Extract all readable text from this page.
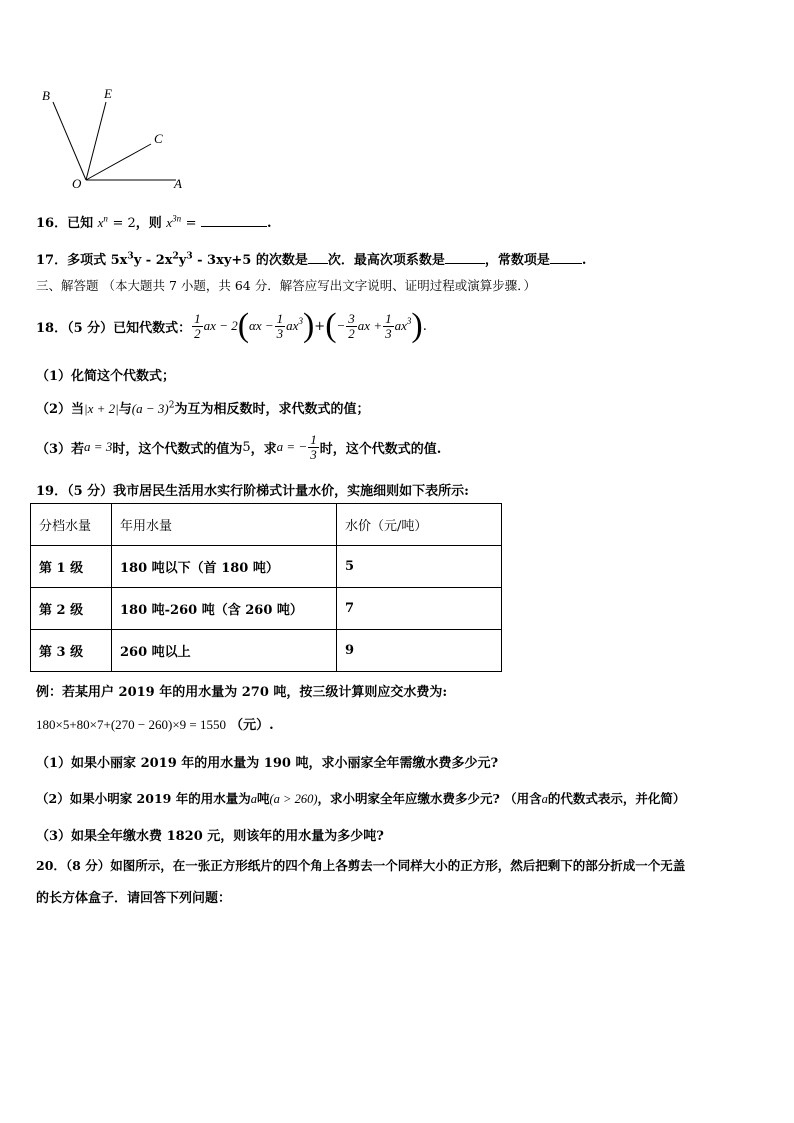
B	E
C
O	A
16．已知 $x^n = 2$，则 $x^{3n}$ =	.
17．多项式 $5x^3y - 2x^2y^3 - 3xy+5$ 的次数是 次．最高次项系数是	，常数项是 .
三、解答题 （本大题共 7 小题，共 64 分．解答应写出文字说明、证明过程或演算步骤．）
18．（5 分）已知代数式： $\frac{1}{2}$ ax − 2 ( $\alpha x - \frac{1}{3} ax^3$ ) + ( − $\frac{3}{2}$ ax + $\frac{1}{3} ax^3$ ) .
（1）化简这个代数式；
（2）当|x + 2|与$(a - 3)^2$为互为相反数时，求代数式的值；
（3）若 a = 3 时，这个代数式的值为 5 ，求 a = − $\frac{1}{3}$ 时，这个代数式的值.
19．（5 分）我市居民生活用水实行阶梯式计量水价，实施细则如下表所示:
分档水量	年用水量	水价（元/吨）
第 1 级	180 吨以下（首 180 吨）	5
第 2 级	180 吨-260 吨（含 260 吨）	7
第 3 级	260 吨以上	9
例：若某用户 2019 年的用水量为 270 吨，按三级计算则应交水费为:
180×5+80×7+(270 − 260)×9 = 1550 （元）.
（1）如果小丽家 2019 年的用水量为 190 吨，求小丽家全年需缴水费多少元?
（2）如果小明家 2019 年的用水量为a吨(a > 260)，求小明家全年应缴水费多少元? （用含a的代数式表示，并化简）
（3）如果全年缴水费 1820 元，则该年的用水量为多少吨?
20．（8 分）如图所示，在一张正方形纸片的四个角上各剪去一个同样大小的正方形，然后把剩下的部分折成一个无盖
的长方体盒子．请回答下列问题：
